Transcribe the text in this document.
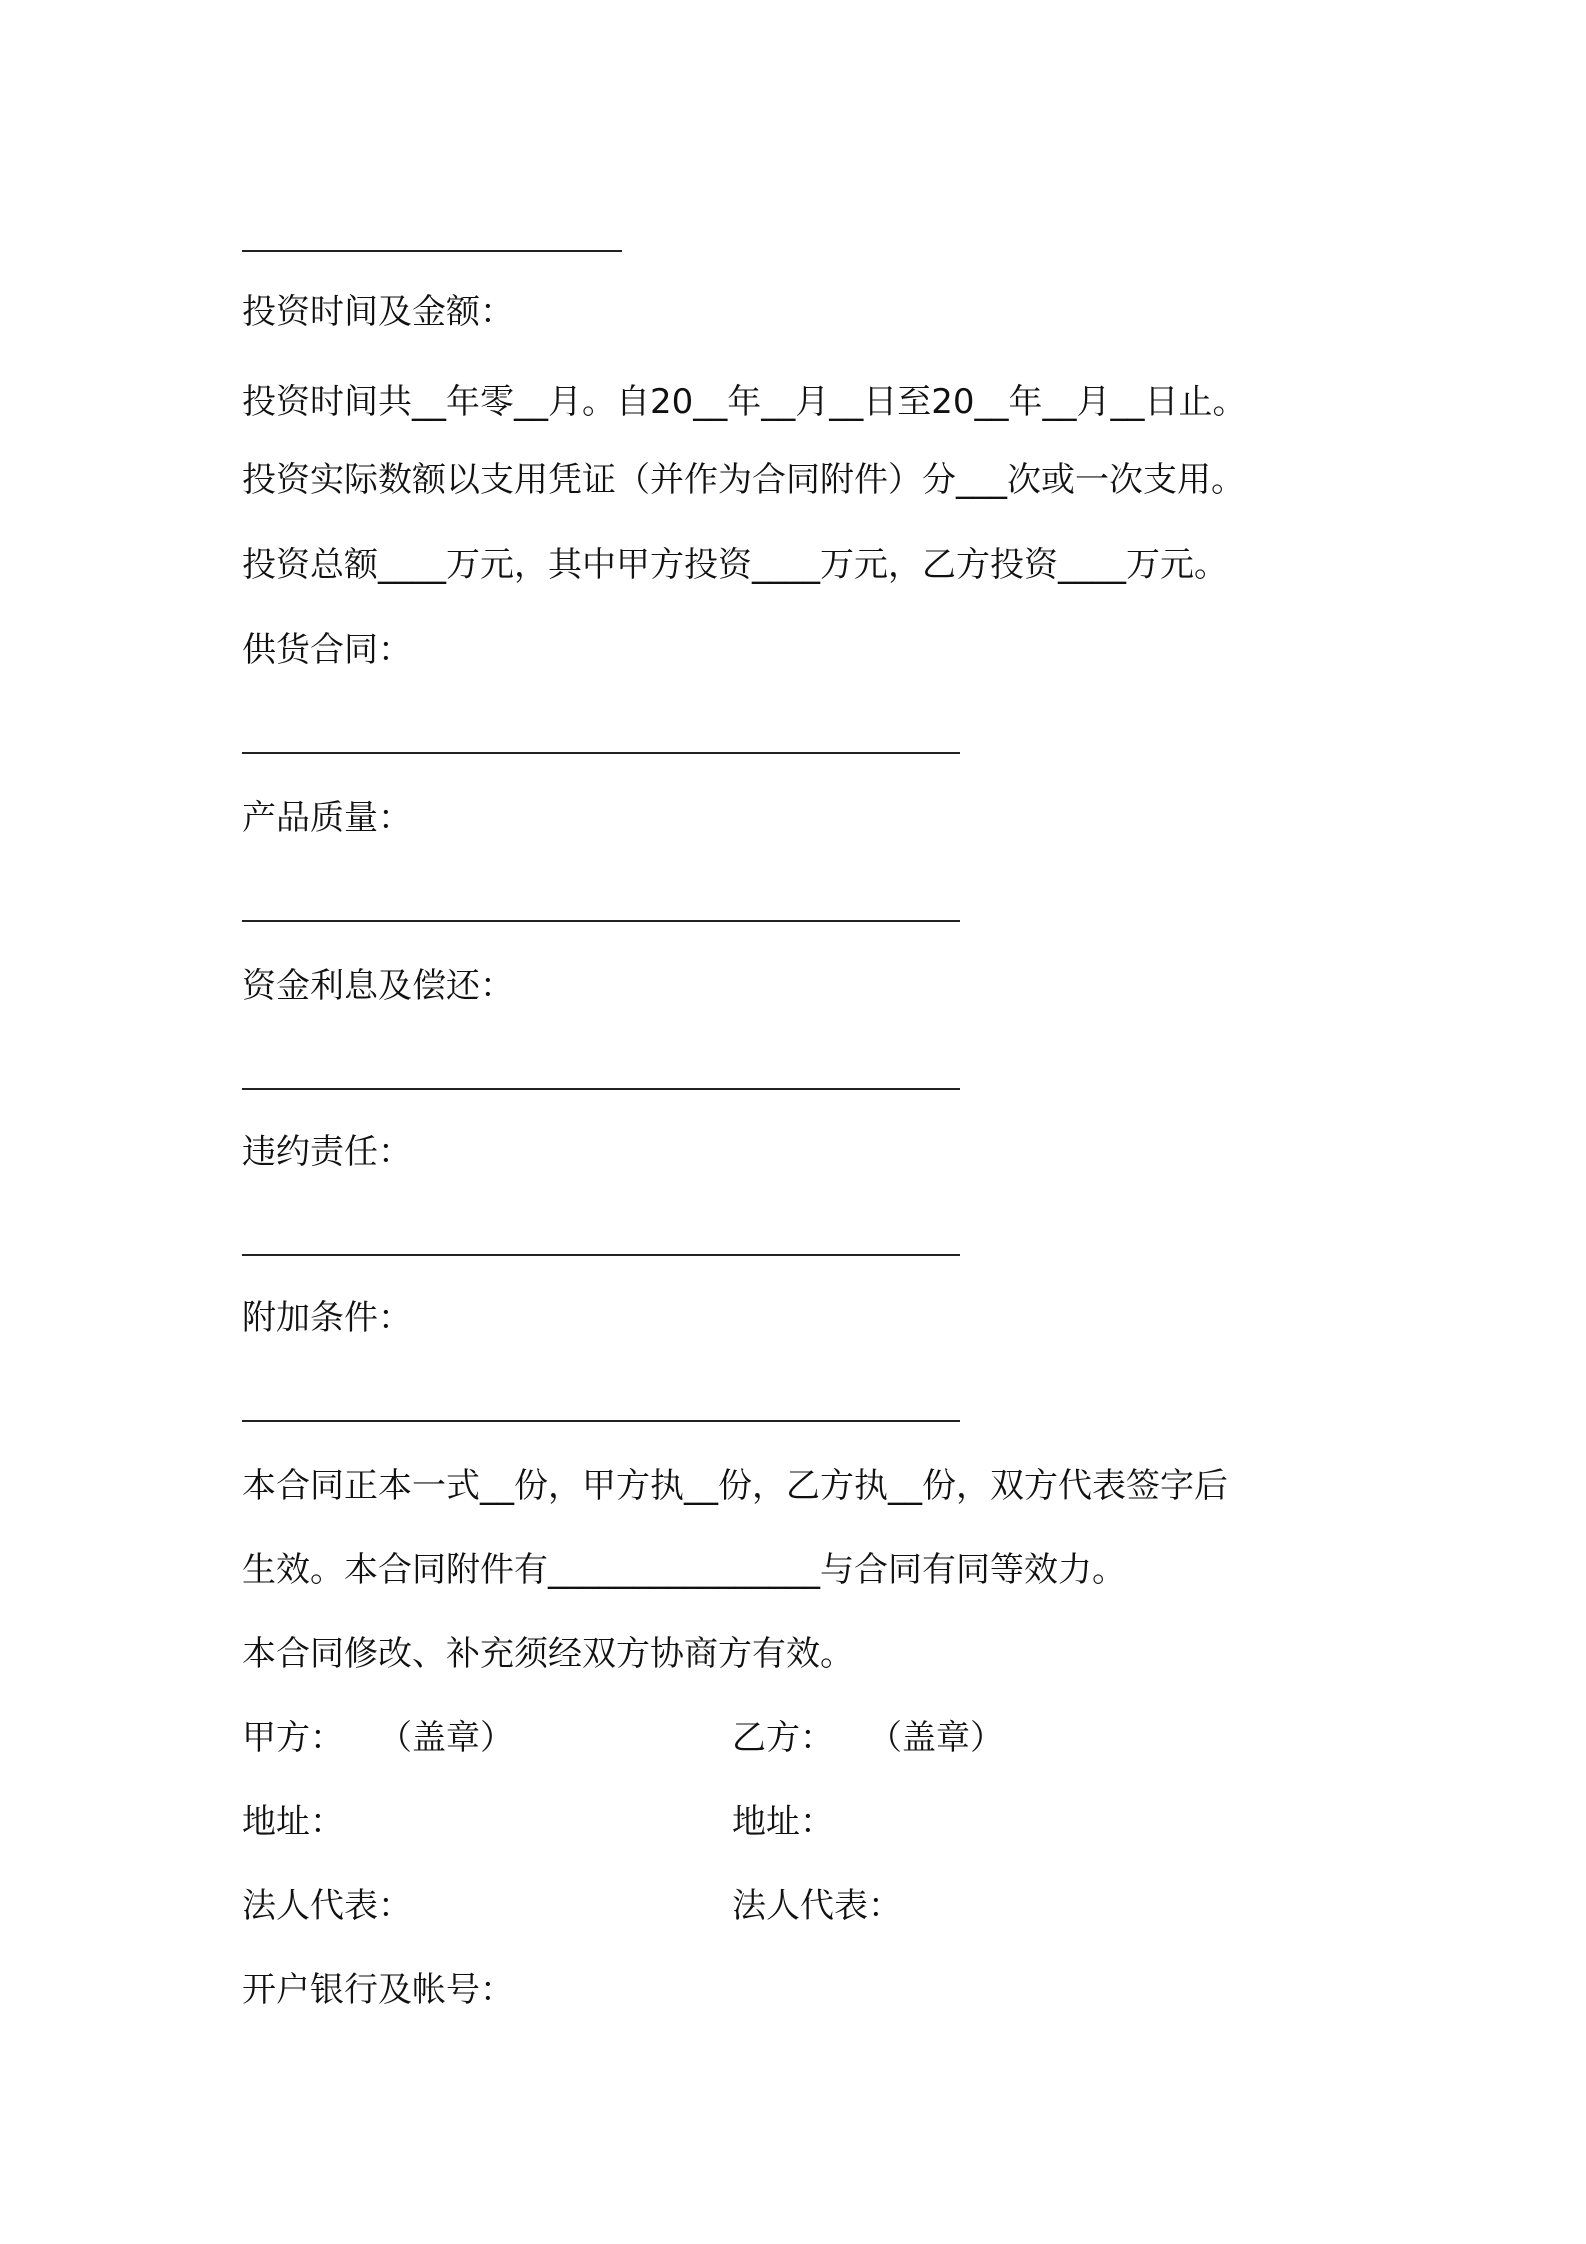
投资时间及金额：
投资时间共__年零__月。自20__年__月__日至20__年__月__日止。
投资实际数额以支用凭证（并作为合同附件）分___次或一次支用。
投资总额____万元，其中甲方投资____万元，乙方投资____万元。
供货合同：
产品质量：
资金利息及偿还：
违约责任：
附加条件：
本合同正本一式__份，甲方执__份，乙方执__份，双方代表签字后
生效。本合同附件有________________与合同有同等效力。
本合同修改、补充须经双方协商方有效。
甲方：　　（盖章）	乙方：　　（盖章）
地址：	地址：
法人代表：	法人代表：
开户银行及帐号：
